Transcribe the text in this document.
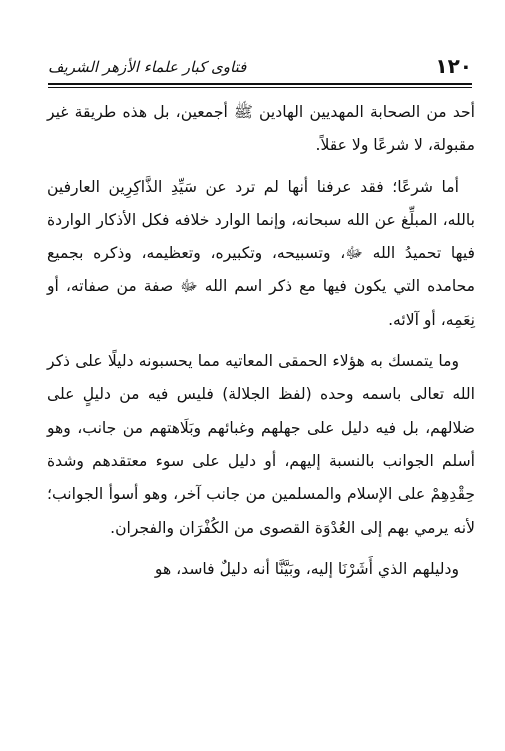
١٢٠
فتاوى كبار علماء الأزهر الشريف

أحد من الصحابة المهديين الهادين ﷺ أجمعين، بل هذه طريقة غير مقبولة، لا شرعًا ولا عقلاً.

أما شرعًا؛ فقد عرفنا أنها لم ترد عن سَيِّدِ الذَّاكِرِين العارفين بالله، المبلِّغ عن الله سبحانه، وإنما الوارد خلافه فكل الأذكار الواردة فيها تحميدُ الله ﷻ، وتسبيحه، وتكبيره، وتعظيمه، وذكره بجميع محامده التي يكون فيها مع ذكر اسم الله ﷻ صفة من صفاته، أو نِعَمِه، أو آلائه.

وما يتمسك به هؤلاء الحمقى المعاتيه مما يحسبونه دليلًا على ذكر الله تعالى باسمه وحده (لفظ الجلالة) فليس فيه من دليلٍ على ضلالهم، بل فيه دليل على جهلهم وغبائهم وبَلَاهتهم من جانب، وهو أسلم الجوانب بالنسبة إليهم، أو دليل على سوء معتقدهم وشدة حِقْدِهِمْ على الإسلام والمسلمين من جانب آخر، وهو أسوأ الجوانب؛ لأنه يرمي بهم إلى العُدْوَة القصوى من الكُفْرَان والفجران.

ودليلهم الذي أَشَرْنَا إليه، وبَيَّنَّا أنه دليلٌ فاسد، هو
